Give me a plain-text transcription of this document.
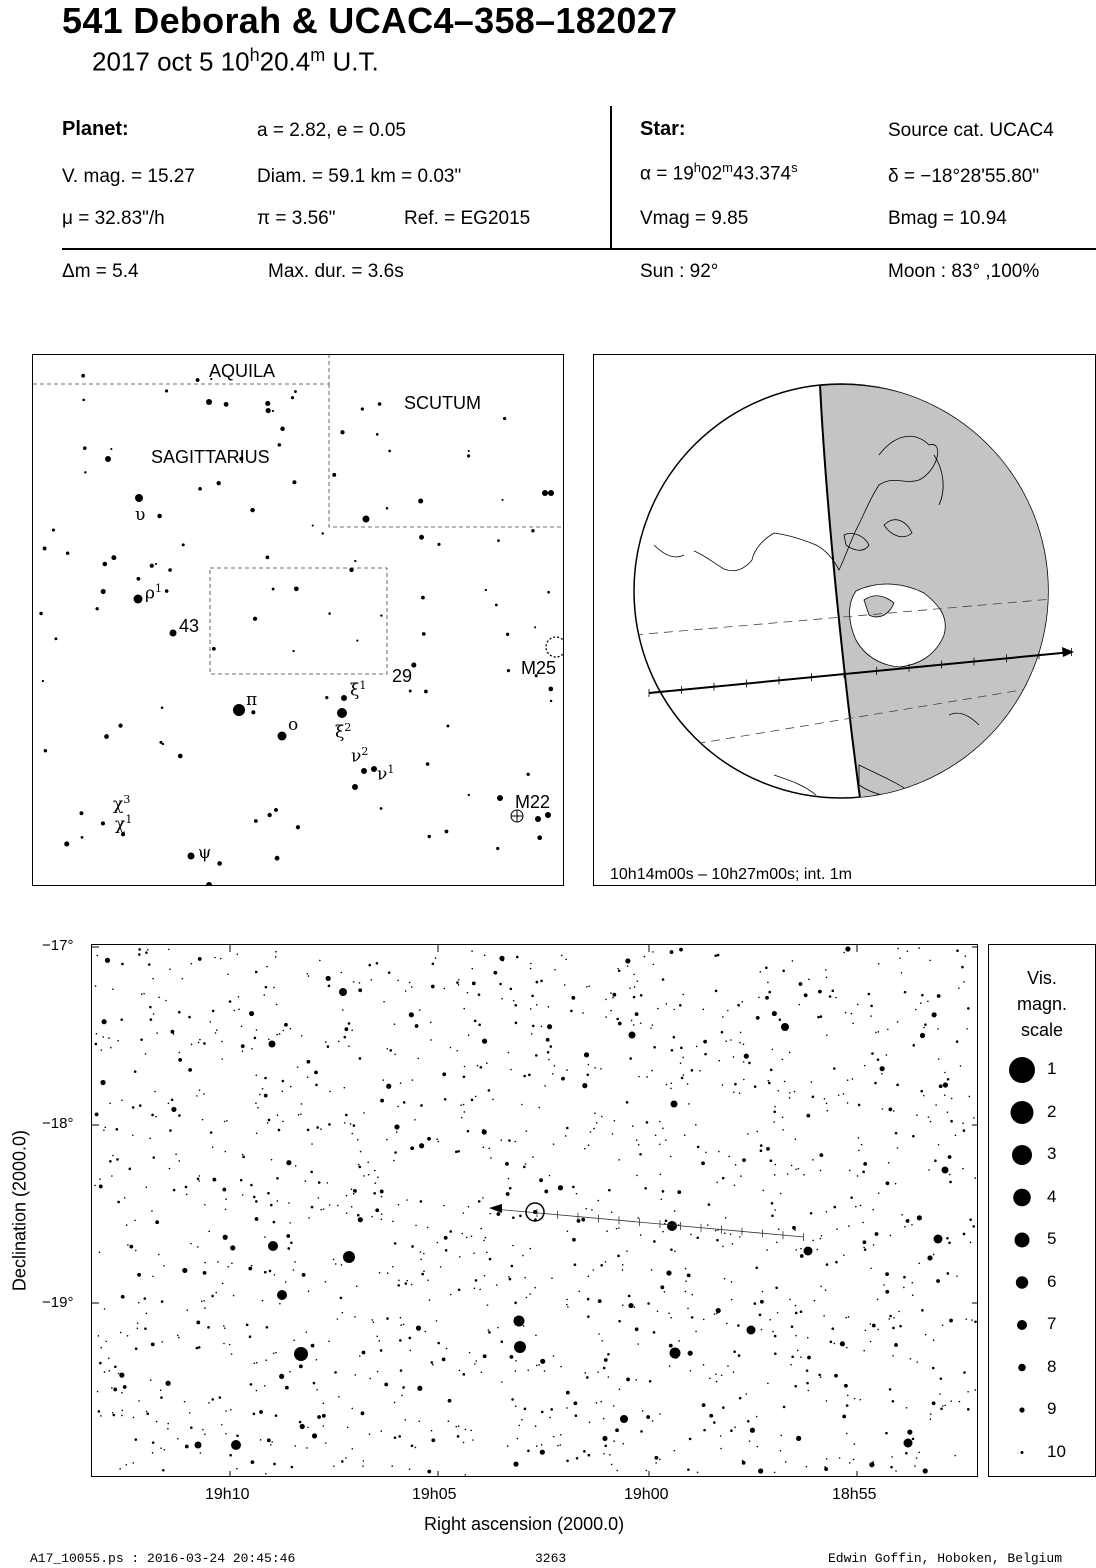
541 Deborah & UCAC4–358–182027
2017 oct 5 10$^h$20.4$^m$ U.T.
Planet:	a = 2.82, e = 0.05
V. mag. = 15.27	Diam. = 59.1 km = 0.03"
μ = 32.83"/h	π = 3.56"	Ref. = EG2015
Star:	Source cat. UCAC4
$\alpha = 19^h02^m43.374^s$	δ = −18°28'55.80"
Vmag = 9.85	Bmag = 10.94
Δm = 5.4	Max. dur. = 3.6s	Sun : 92°	Moon : 83° ,100%
AQUILA
SCUTUM
SAGITTARIUS
υ
$\rho^1$
43
29	M25
M22
π
o
$\xi^1$
$\xi^2$
$\nu^2$
$\nu^1$
$\chi^3$
$\chi^1$
ψ
10h14m00s – 10h27m00s; int. 1m
−17°
−18°
−19°
19h10	19h05	19h00	18h55
Right ascension (2000.0)
Declination (2000.0)
Vis.
magn.
scale
1
2
3
4
5
6
7
8
9
10
A17_10055.ps : 2016-03-24 20:45:46	3263	Edwin Goffin, Hoboken, Belgium
